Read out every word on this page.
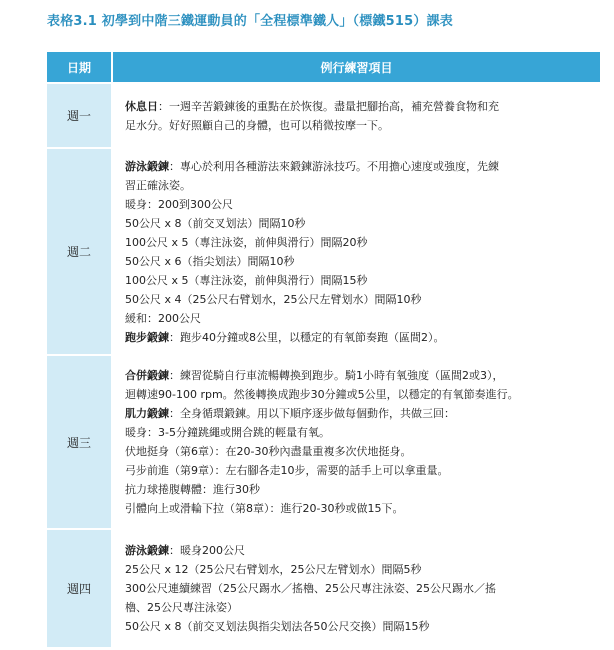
表格3.1 初學到中階三鐵運動員的「全程標準鐵人」（標鐵515）課表
日期	例行練習項目
週一
休息日：一週辛苦鍛鍊後的重點在於恢復。盡量把腳抬高，補充營養食物和充
足水分。好好照顧自己的身體，也可以稍微按摩一下。
週二
游泳鍛鍊：專心於利用各種游法來鍛鍊游泳技巧。不用擔心速度或強度，先練
習正確泳姿。
暖身：200到300公尺
50公尺 x 8（前交叉划法）間隔10秒
100公尺 x 5（專注泳姿，前伸與滑行）間隔20秒
50公尺 x 6（指尖划法）間隔10秒
100公尺 x 5（專注泳姿，前伸與滑行）間隔15秒
50公尺 x 4（25公尺右臂划水，25公尺左臂划水）間隔10秒
緩和：200公尺
跑步鍛鍊：跑步40分鐘或8公里，以穩定的有氧節奏跑（區間2）。
週三
合併鍛鍊：練習從騎自行車流暢轉換到跑步。騎1小時有氧強度（區間2或3），
迴轉速90-100 rpm。然後轉換成跑步30分鐘或5公里，以穩定的有氧節奏進行。
肌力鍛鍊：全身循環鍛鍊。用以下順序逐步做每個動作，共做三回：
暖身：3-5分鐘跳繩或開合跳的輕量有氧。
伏地挺身（第6章）：在20-30秒內盡量重複多次伏地挺身。
弓步前進（第9章）：左右腳各走10步，需要的話手上可以拿重量。
抗力球捲腹轉體：進行30秒
引體向上或滑輪下拉（第8章）：進行20-30秒或做15下。
週四
游泳鍛鍊：暖身200公尺
25公尺 x 12（25公尺右臂划水，25公尺左臂划水）間隔5秒
300公尺連續練習（25公尺踢水／搖櫓、25公尺專注泳姿、25公尺踢水／搖
櫓、25公尺專注泳姿）
50公尺 x 8（前交叉划法與指尖划法各50公尺交換）間隔15秒
